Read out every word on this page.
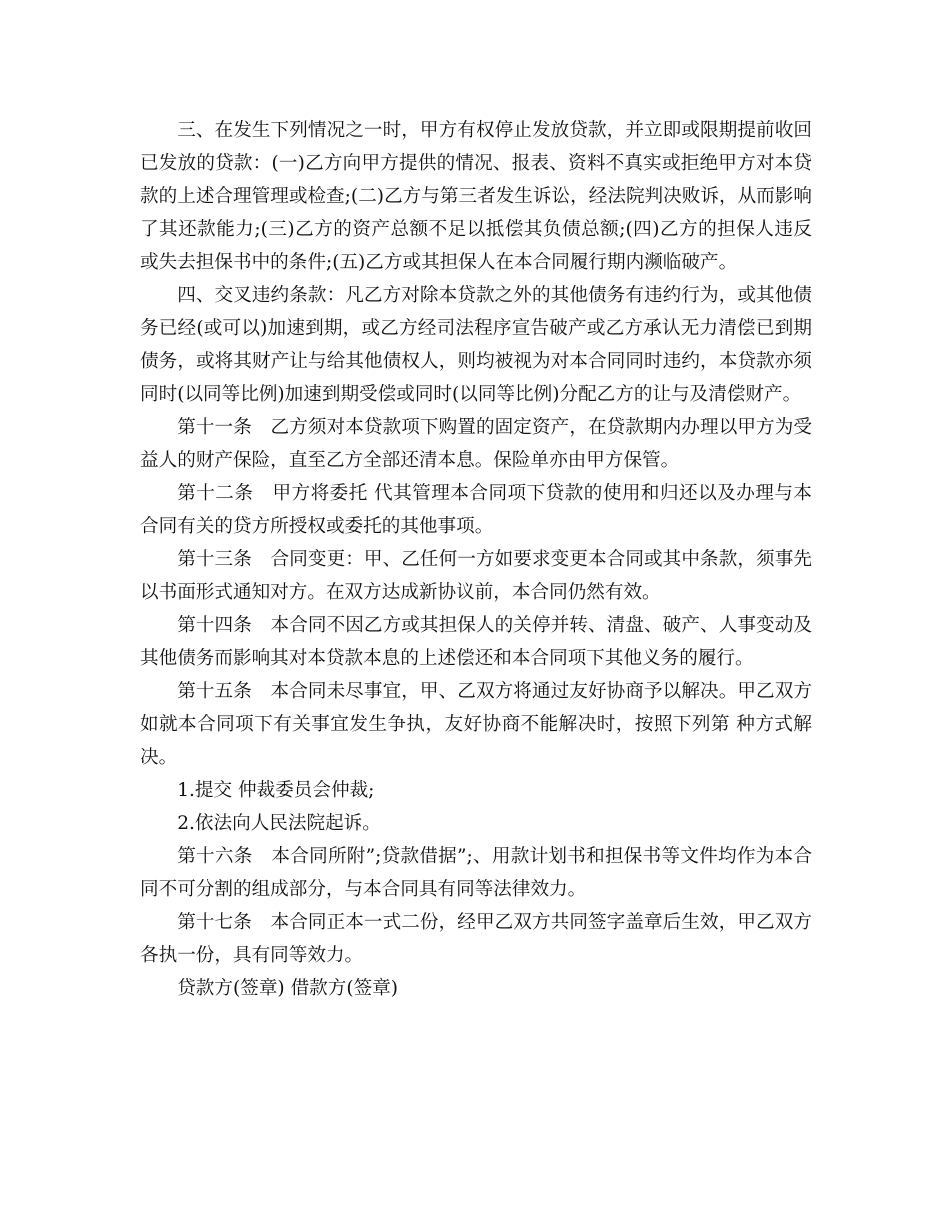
三、在发生下列情况之一时，甲方有权停止发放贷款，并立即或限期提前收回已发放的贷款：(一)乙方向甲方提供的情况、报表、资料不真实或拒绝甲方对本贷款的上述合理管理或检查;(二)乙方与第三者发生诉讼，经法院判决败诉，从而影响了其还款能力;(三)乙方的资产总额不足以抵偿其负债总额;(四)乙方的担保人违反或失去担保书中的条件;(五)乙方或其担保人在本合同履行期内濒临破产。

四、交叉违约条款：凡乙方对除本贷款之外的其他债务有违约行为，或其他债务已经(或可以)加速到期，或乙方经司法程序宣告破产或乙方承认无力清偿已到期债务，或将其财产让与给其他债权人，则均被视为对本合同同时违约，本贷款亦须同时(以同等比例)加速到期受偿或同时(以同等比例)分配乙方的让与及清偿财产。

第十一条　乙方须对本贷款项下购置的固定资产，在贷款期内办理以甲方为受益人的财产保险，直至乙方全部还清本息。保险单亦由甲方保管。

第十二条　甲方将委托 代其管理本合同项下贷款的使用和归还以及办理与本合同有关的贷方所授权或委托的其他事项。

第十三条　合同变更：甲、乙任何一方如要求变更本合同或其中条款，须事先以书面形式通知对方。在双方达成新协议前，本合同仍然有效。

第十四条　本合同不因乙方或其担保人的关停并转、清盘、破产、人事变动及其他债务而影响其对本贷款本息的上述偿还和本合同项下其他义务的履行。

第十五条　本合同未尽事宜，甲、乙双方将通过友好协商予以解决。甲乙双方如就本合同项下有关事宜发生争执，友好协商不能解决时，按照下列第 种方式解决。

1.提交 仲裁委员会仲裁;

2.依法向人民法院起诉。

第十六条　本合同所附”;贷款借据”;、用款计划书和担保书等文件均作为本合同不可分割的组成部分，与本合同具有同等法律效力。

第十七条　本合同正本一式二份，经甲乙双方共同签字盖章后生效，甲乙双方各执一份，具有同等效力。

贷款方(签章) 借款方(签章)
